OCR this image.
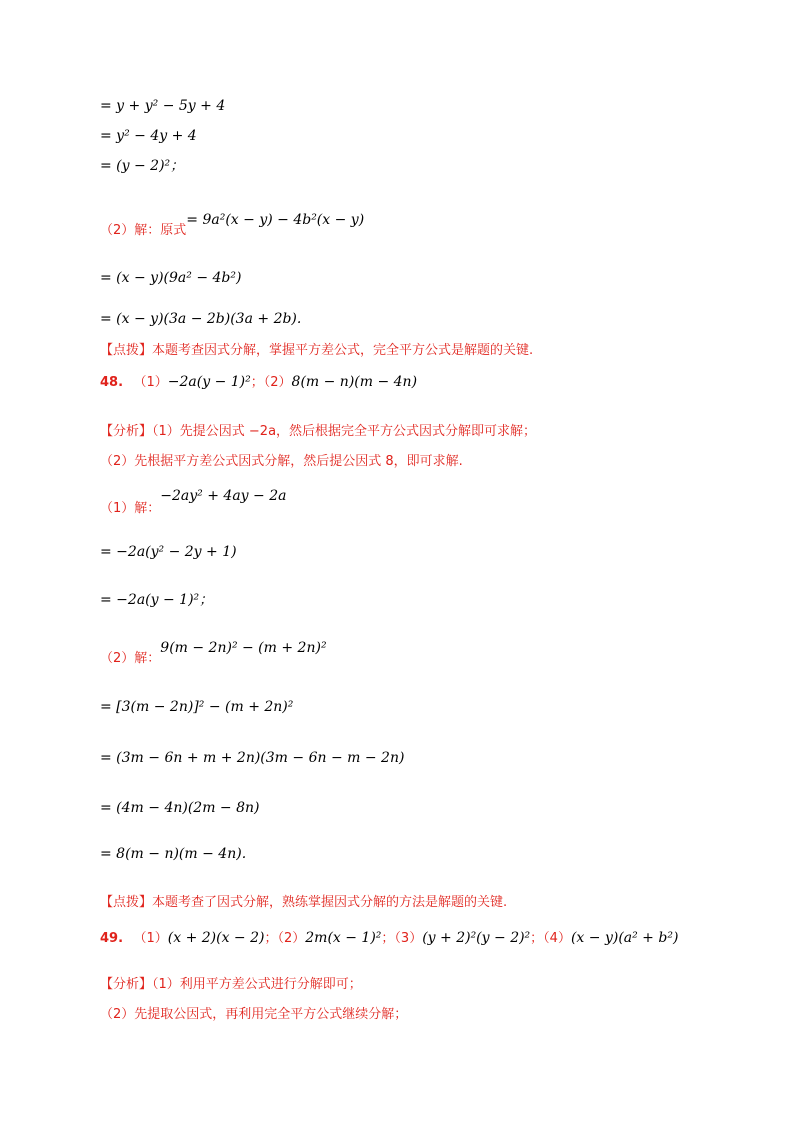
= y + y² − 5y + 4
= y² − 4y + 4
= (y − 2)²；
（2）解：原式= 9a²(x − y) − 4b²(x − y)
= (x − y)(9a² − 4b²)
= (x − y)(3a − 2b)(3a + 2b).
【点拨】本题考查因式分解，掌握平方差公式，完全平方公式是解题的关键.
48. （1）−2a(y − 1)²；（2）8(m − n)(m − 4n)
【分析】（1）先提公因式 −2a，然后根据完全平方公式因式分解即可求解；
（2）先根据平方差公式因式分解，然后提公因式 8，即可求解.
（1）解：−2ay² + 4ay − 2a
= −2a(y² − 2y + 1)
= −2a(y − 1)²；
（2）解：9(m − 2n)² − (m + 2n)²
= [3(m − 2n)]² − (m + 2n)²
= (3m − 6n + m + 2n)(3m − 6n − m − 2n)
= (4m − 4n)(2m − 8n)
= 8(m − n)(m − 4n).
【点拨】本题考查了因式分解，熟练掌握因式分解的方法是解题的关键.
49. （1）(x + 2)(x − 2)；（2）2m(x − 1)²；（3）(y + 2)²(y − 2)²；（4）(x − y)(a² + b²)
【分析】（1）利用平方差公式进行分解即可；
（2）先提取公因式，再利用完全平方公式继续分解；
